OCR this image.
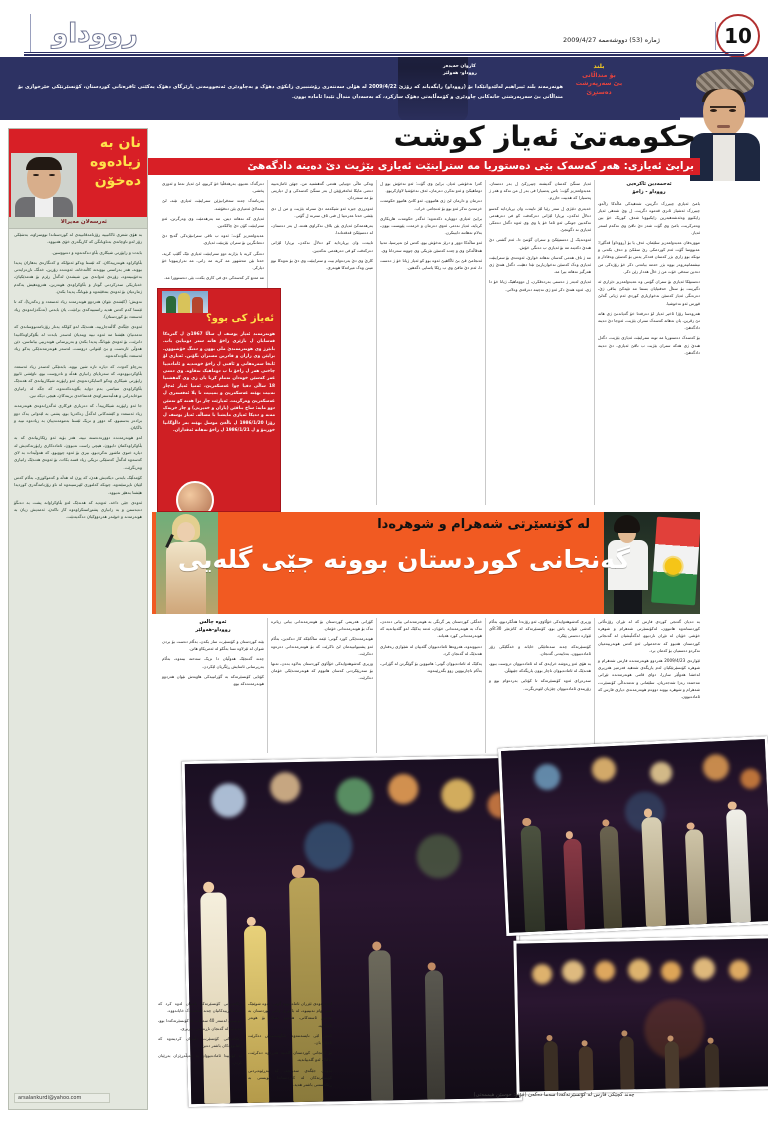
رووداو	ژماره (53) دووشەممە 2009/4/27	10
بلند
بۆ منداڵانی
بێ سەرپەرشت
دەستڕێ
کاروان حەیدەر
رووداو- هەولێر
هونەرمەند بلند ئیبراهیم لەلێدوانێکدا بۆ (رووداو) رایگەیاند کە رۆژێ 2009/4/22 لە هۆلی سەنتەری رۆشنبیری زانکۆی دهۆک و بەچاودێری ئەنجوومەنی پارێزگای دهۆک یەکێتی ئافرەتانی کوردستان، کۆنسێرتێکی خێرخوازی بۆ منداڵانی بێ سەرپەرشتی خانەکانی چاودێری و کۆمەڵایەتی دهۆک سازکرد، کە بەسەدان منداڵ تێیدا ئامادە بوون.
حکومەتێ ئەیاز کوشت
برایێ ئەیازی: هەر کەسەک بێی دەستوریا مە ستراینێت ئەیازی بێژیت دێ دەینە دادگەهێ
ئەحمەدین ئاکرەیی
رووداو - زاخۆ

بامێ ئەیازی چیبرزک دگریتن، شەهیدکی ماڵەکا زاڵەو، چیبرزک ئەشیاز ئانزی قەموە دگریت، ل وێ شەهی ئەیاز زایکبوو وەئەشەهبەرین زایکبوونا شەف کوریک خۆ بین وەمرکریت، بامێ وی گۆت شەز دێ ناڤێ وی نەکەم لسەر ئەیاز.

مووزەفان عەبدولعەزیز سلێمان، ئەف یا بۆ (رووداو) ڤەگێڕا: عەبووسا گۆت ئەم کوردمکی رێ سڤکێ و دەف بکەنی و تونکە بوو زاری بژر کەسان فەدکر یەس بۆ کەسێن وەفادار و نیشتمانپەروەر بووە بژر حەمە بیانەتی دکر خۆ رۆژەکی من دەدین سەفی خۆت من ژ خاڵ هەدار زێن دکر.

دەستپێکا ئەیازی بۆ ستران گۆتنی وە عەبدولعەزیز دێزاری ئە دگیرینت بۆ ستاڵ حەفتیایان بسما مە تێپەکێ بناڤی ژێ، دەرەنگی ئەیاز کەسێن نەخوازیاری کوردی ئەم ژیانی گەلێ قورس ئەو نەخوشیا.

هەروەسا رۆژا ئاخیر ئەیاز لۆ دەرفەتا خۆ گەیاندنێ ژی هاتە تێ زڤرین، یان نەهاتە کەسەک ستران بێژیت، ئەوجا دێ دەینە دادگەهێ.

بۆ کەسەک دەستوریا مە تونە ستراینێت ئەیازی بێژیت، دگەل هندێ ژی هەکە ستران بێژیت ب ناڤێ ئەیازی، دێ دەینە دادگەهێ.

ئەیاز سنگێ کەسان گەیشتە چیبرزکێ ل بەر دەستان. عەبدولعەزیز گۆت: باس پەسیارا فی بەر ل من نەکە و هەر ژ پەسیارا کە هەبیت حازرم.

خەبەری دئێژی ل سەر رێیا لێژ تایبەت وان بڕیاردایە کەسو دەلاڵ ئەکەن، بڕیارا لێژانی دەرکەفت کو فی دەرهەمی نەکەبین جونکی ئەو ئاما خۆ یا وی وی ئەوە دگەل دەمکی ئەیازی نە دگونجێ.

ئەوەندیک ل دەستپێکێ و ستران گۆتنێ دا، ئەم گشتی دێ هندێ دکەینە مە بۆ ئەیازی ب دەنگی خۆش.

مە ژ ناڤ هەمی کەسان نەهاتە خوارێ، ئەوەندی بۆ ستراینێت ئەیازی وەک کەسێن نەخوازیاریێ تێدا دهێت، دگەل هندێ ژی هەرگیز نەهاتە بیرا مە.

ئەیازی لەبەر ژ دەستی بەردەڤکرن، ل دووماهیک ژیانا خۆ دا ژی، ئەوە هندێ دکر ئەو ژی نەچیتە دەرڤەی وەلاتی.

کەرا نەخۆشی ئەیاز، برایێ وی گۆت: ئەو نەخۆش بوو ل دوماهیکێ و ئەو نەکرن دەرمان، ئەف نەخۆشیا لاوازکربوو.

دەرمان و دارمان لێ ژی هاتبوون، ئەو کاتێ هاتبوو حکومەت خزمەتێ نەکر ئەو بوو بۆ ئەنجامی خراب.

برایێ ئەیازی دووبارە دکەتەوە: ئەگەر حکومەت هاریکاری کربایە، ئەیاز نەدمر، ئەوی دەرمان و خزمەت پێویست بوون، بەلام نەهاتنە دابینکرن.

ئەو ساڵەکا دوور و درێژ نەخۆش بوو، کەس لێ نەپرسیا، تەنیا هەڤاڵەکێ وی و چەند کەسێن نێزیکی وی چوونە سەردانا وی.

ئەنجامێ ڤێ بێ ئاگاهیێ ئەوە بوو کو ئەیاز ژیانا خۆ ژ دەست دا، ئەم دێ مافێ وی ب رێکا یاسایی دگەهین.

وەکی ماڵی دونیایی هەمی گەهشتیە من، جهێن ئاماژەنییە دەمی مایکا ئەلەفرۆیێن ل بەر سنگێ کەسەکی و ل دیاریتی بۆ مە ستەردان.

ئەوەڕزی جیزە ئەو شیکەمە دێ سترلە بێژیت و من ل دی بێشی حەتا عەرەبیا ل فنی ئاف سترنە ل گۆتی.

بەرهەمەکێ ئەیازی یێن بلاڤ نەکراوی هەنە، ل بەر دەستان، لە دەسپێکێ ڤەقەتاندا.

تایبەت وان بڕیاردایە کو دەلاڵ نەکەن، بڕیارا لێژانی دەرکەفت کو فی دەرهەمی نەکەبین.

کارێ وی دێ بەردەوام بیت و ستراینێت وی دێ بۆ نەوەکا نوو مینن وەک میراتەکا هونەری.

دەرگەک عەبوو، بەرهەقڵیا خۆ کریوو، لێ ئەیاز نەما و ئەوزی پخشی.

بەرنامەک چەند سەفرانیژێن ستراینێت ئەیازی تێنە، لێ بتمەلاێ ئەمیازی بێن دەفۆشە.

ئەیازی کە نەهاتە دیتن، مە بەرهەمێت وی وەرگرتن، ئەو ستراینێت کۆن دێ چاککەین.

عەبدولعەزیز گۆت: ئەوە ب تاقی سترانبێژەکی گەنج دێ دەمانگرین بۆ ستران بێژینێت ئەیازی.

دەنگی کریە با بژارنە دوو ستراینێت ئەیازی تێک گلێپ کریە، حەتا بێن مەشهور مە کریە مە زانی، مە نەرازیبوونا خۆ دیارکر.

مە مەنع کر کەسەکی دی فی کاری بکەت بێی دەستوورا مە.

ئەیاز کی بوو؟
هونەرمەند ئەیاز یوسف ل ساڵا 1967ێ ل گەرەکا قەسابان ل باژێری زاخۆ هاتە سەر دونیایێ باب. بابێرژ وی هونەرمەندێ ملی بوون و دەنگ خۆشبوون. برایێن وی زاران و قادرین مستران نگۆتن. ئەیازی لۆ ئانخا سەرەهاتی و ئاقتی ل زاخۆ خوەندیە و ئامادەییا چاخنی هەر ل زاخۆ تا ب دوماهیک تەڤاوە. وی دەمی عەر کەسێن خوەدان تەمام کریا یان ژی وی گەهشتیا 18 ساڵی دفیا چوا عەسکەریێ، ئەمیا ئەیاز ئەچار نەبیت بهێتە عەسکەریێ و بمینیت تا پلا ئەفسەری ل عەسکەریێ وەرگریت. ئەیازێت چار برا هەنە کو تەمێن دوو مایە: ساخ بناڤێن (یاران و خەیریی) و چار خزیەک مەنە و دەیکا ئەیازی مایشنا با مساڵە. ئەیاز یوسف ل رۆژا 1986/1/20 ل باڵغێ موسل بهێتە بەر داڵۆگانیا خورینۆ و ل 1986/1/21 ل زاخۆ نەهاتە ئەڤداران.
نان بە زیادەوە دەخۆن
ئەرسەلان مەیرالا

بە هۆی شعری ئاکانبییە رۆژنامەڤانییەی لە کوردستاندا نووسراوە، بەشێکی زۆر لەو ناوچانەی بەناوبانگن کە کاریگەری خۆی هەبووە.

بابەت و راپۆرتی شیکاری بڵاو دەکەنەوە و دەنووسین.

بڵاوکراوە هونەرییەکان، کە ئێستا وەکو ئەتۆلکە و کەنگارەی بەهاران پەیدا بوونە، هەر بەراستی بوونەتە کاڵتەخانە، ئەوەندە زۆرین، خەڵک ناڕەزایەتی بەخۆینیتەوە، زۆرەی ئەوانەی بین شیشەن لەگەڵ رێزم بۆ هەمدێکیان، خەباریکی سەرکردنی گوتار و بڵاوکراوەی هونەرین، هەروەهیش یەکەم ژمارەیان بۆ ئەوەی بتەقێتەوە و نێوبانگ پەیدا بکەن.

نەویش: (کێشەی نێوان هەردوو هونەرمەند زیاد ئەسعەد و زەکەریا)، کە تا ئێستا کەم کەس هەیە راستییەکەی بزانێت، یان بابەتی (تەنگەژانەوەی زیاد ئەسعەد بۆ کوردستان).

ئەوەی جێگەی گاڵتەجاڕییە، هەندێک لەو کۆلکە یەنار رۆژنامەنووسانەی کە تەمەنیان هێشتا مە ئەوە نییە ویتەیان لەسەر بابەت لە بڵاوکراوەکانیدا دانرێت، بۆ ئەوەی نێوبانگ پەیدا بکەن و بەرپرسانی هونەرییی بیانناسن، دێن هەوڵی ئارەست و بێ لێتوانی دروست، لەسەر هونەرمەندێکی یەکو زیاد ئەسعەد بڵاودەکەنەوە.

بەرچاو کەوت، کە دیارە تازە شین بووە، بابەتێکی لەسەر زیاد ئەسعەد بڵاوکردبووەوە، کە سەرتاپای زانیاری هەڵە و نادروست بوو، ناوێشی ئابوو راپۆرتی شیکاری وەکو لاسایکردنەوەی ئەو راپۆرتە شیکارییانەی کە هەندێک بڵاوکراوەی سیاسی بەم دوایە بڵاویدەکەنەوە، کە جگە لە زانیاری موخابەراتی و هەڵبەستراوەی قەتماخەی برینەکان، هیچی دیکە نین.

جا ئەو راپۆرتە شیکارییە!، کە دەرباری فڕکاری ئەگەڕانەوەی هونەرمەند زیاد ئەسعەد و کێشەکانی لەگەڵ زەکەریا بوو، پشتی بە لێدوانی یەک دوو برادەر بەستبوو، کە دوور و نزیک ئێستا بەمومەندییان بە زیادەوە نییە و ناگایان.

لەو هونەرمەندە دوورەدەستە نییە، هەر بۆیە ئەو رێکارییانەی کە بە بڵاوکراوەکمان دابوون، هیچی راست نەبوون، ئامادەکاری راپۆرتەکەیش لە دیارە خنوی ماشور نەکردبوو، بیری بۆ ئەوە چووبوو، کە هەوڵیدات بە لای کەسەوە لەگەڵ کەسێکی نزیکی زیاد قسە بکات، بۆ ئەوەی هەندێک زانیاری وەربگرێت.

کۆمەڵێک بابەتی دیکەیش هەن، کە پڕن لە هەڵە و کەموکوڕی، بەڵام کەس لێیان ناپرسێتەوە، چونکە کەلتوری لێپرسینەوە لە ناو رۆژنامەگەری کوردیدا هێشتا بەهێز نەبووە.

ئەوەی جێی داخە، ئەوەیە کە هەندێک لەو بڵاوکراوانە پشت بە دەنگۆ دەبەستن و بە زانیاری پشتڕاستکراوەوە کار ناکەن، ئەمەیش زیان بە هونەرمەند و خوێنەر هەردووکیان دەگەیەنێت.

arsalankurdi@yahoo.com
لە کۆنسێرتی شەهرام و شوهرەدا
گەنجانی کوردستان بوونە جێی گلەیی

بە دەیان گەنجی کوردی فارس کە لە تێڕان رۆژەڵاتی کوردستانەوە هاتبوون، لەکۆنسێرتی شەهرام و شوهرە خۆشی خۆیان لە تێڕان ناردبوو، لەگەڵیشیان لە گەنجانی کوردستان هەبوو کە تەحەمولی ئەو کەس هونەرییەمیان نەکردو دەستیان بۆ کەمان برد.

ئێوارەی 2009/4/23 هەردوو هونەرمەندە فارس شەهرام و شوهرە کۆنسێرتێکیان لەم یاریگەی شەهید فەرمیز هەڕیری لەخشا هەوڵێر سازرا، دوای قاتنی هونەرمەندە تێڕانی مەحمەد رەزا شەجەریان، سلێمانی و تەمەنداڵی کۆنسێرت، شەهرام و شوهرە بوونە دووەم هونەرمەندی دیاری فارس کە ئامادەبوون.

وزیری کەشوهەوایەکی خۆڵاوی، ئەو رۆژەدا هەڵکردبوو، بەڵام کەشی ئێوارە باش بوو، کۆنسێرتەکە لە کاتژمێر 8:30ی ئێوارە دەستی پێکرد.

کۆنسێرتەکە چەند سەعاتێکی خایاند و خەڵکێکی زۆر ئامادەببوون، بەتایبەتی گەنجان.

بە هۆی ئەو ڕەوشە خراپەی کە لە ئامادەبووان دروست ببوو، هەندێک لە ئامادەبووان ناچار بوون یاریگەکە جێبهێڵن.

سەرەڕای ئەوە کۆنسێرتەکە تا کۆتایی بەردەوام بوو و زۆرینەی ئامادەبووان چێژیان لێوەربگرت.

خەڵکی کوردستان پتر گرنگی بە هونەرمەندانی بیانی دەدەن، نەک بە هونەرمەندانی خۆیان، ئەمە یەکێک لەو گلەییانەیە کە هونەرمەندانی کورد هەیانە.

دەبوونەوە، هەروەها ئامادەبووان گلەییان لە شێوازی رەفتاری هەندێک لە گەنجان کرد.

یەکێک لە ئامادەبووان گوتی: هاتبووین بۆ گوێگرتن لە گۆرانی، بەڵام ناچاربووین زوو بگەڕێینەوە.

کۆرانی هەریمی کوردستان بۆ هونەرمەندانی بیانی زیاترە نەک بۆ هونەرمەندانی خۆمان.

هونەرمەندێکی کورد گوتی: ئێمە ساڵانێکە کار دەکەین، بەڵام ئەو پشتیوانییەمان لێ ناکرێت کە بۆ هونەرمەندانی دەرەوە دەکرێت.

وزیری کەشوهەوایەکی خۆڵاوی کوردستان بەلاوە بدەن، تەنها بۆ سەرپێکردنی کەسان هاتووم کە هونەرمەندێکی خۆمان دەکرێت.

ئەوە چالس
رووداو-هەولێر

بێنە کوردستان و کۆنسێرت ساز بکەن، بەڵام دەست بۆ بردن شوان لە ئێزلاوە نسا بەڵکو لە ئەمریکاو هاتن.

چەند گەنجێک هەوڵیان دا نزیک سەحنە ببنەوە، بەڵام بەرپرسانی ئاسایش ڕێگریان لێکردن.

کۆتایی کۆنسێرتەکە بە گۆرانییەکی هاوبەش نێوان هەردوو هونەرمەندەکە بوو.

لەدەرەوەی ئێزران ئاماە بووە گوتی: ئەوە شوێنێک شتی وام نەبینیوە، لە باکوری وڵاتی کوردستان بە هەموو ئاستەکانی، هەموو شتێک بۆ هونەر ئامادەیە.

کەس لێی نایسەننەوە، بانگهێشتنیش دەکرێت ئامادە بان.

بۆ گەنجانی کوردستان گلەییە هەڕەوە دەکرێت، یەکێک لەو گلەییانەیە.

ئەوەی جێگەی سەرنجە، کە بەڕێوەبردنی کۆنسێرتەکان لە کوردستاندا پێویستی بە ڕێکخستنی باشتر هەیە.

ڕێکخەرانی کۆنسێرتەکە باسیان لەوە کرد کە ئامادەکارییەکانیان چەند هەفتەیەک خایاندووە.

پێویستی لەسەر 40 سەعات لە کۆنسێرتەکەدا بوو، هەندێک لە گەنجان ناڕەزایی دەربڕی.

ڕێکخەرانی کۆنسێرت دڵنیایان کردینەوە کە داهاتووەکان باشتر دەبن.

لە کۆتاییدا ئامادەبووان بە چەپڵەڕێزان بەڕێیان کردن.

چەند کچێکی فارس لە کۆنسێرتەکەدا سەما دەکەن (فۆتۆ: حوسێن هیممەتی)
